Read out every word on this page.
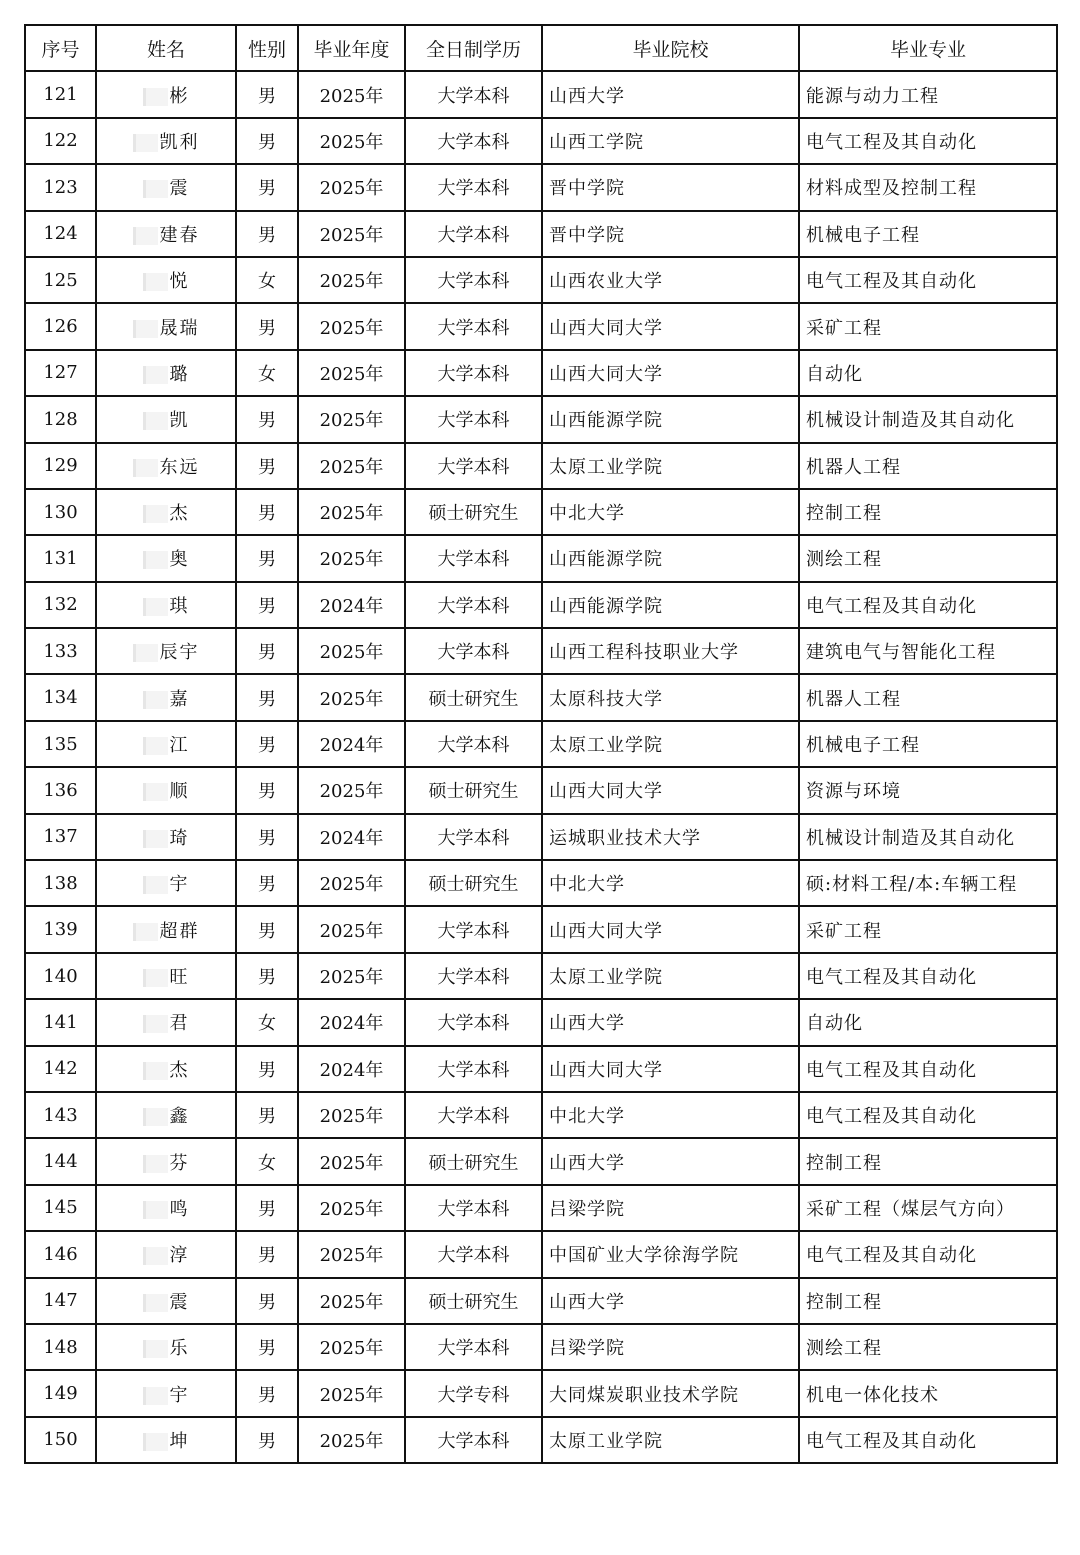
序号	姓名	性别	毕业年度	全日制学历	毕业院校	毕业专业
121	彬	男	2025年	大学本科	山西大学	能源与动力工程
122	凯利	男	2025年	大学本科	山西工学院	电气工程及其自动化
123	震	男	2025年	大学本科	晋中学院	材料成型及控制工程
124	建春	男	2025年	大学本科	晋中学院	机械电子工程
125	悦	女	2025年	大学本科	山西农业大学	电气工程及其自动化
126	晟瑞	男	2025年	大学本科	山西大同大学	采矿工程
127	璐	女	2025年	大学本科	山西大同大学	自动化
128	凯	男	2025年	大学本科	山西能源学院	机械设计制造及其自动化
129	东远	男	2025年	大学本科	太原工业学院	机器人工程
130	杰	男	2025年	硕士研究生	中北大学	控制工程
131	奥	男	2025年	大学本科	山西能源学院	测绘工程
132	琪	男	2024年	大学本科	山西能源学院	电气工程及其自动化
133	辰宇	男	2025年	大学本科	山西工程科技职业大学	建筑电气与智能化工程
134	嘉	男	2025年	硕士研究生	太原科技大学	机器人工程
135	江	男	2024年	大学本科	太原工业学院	机械电子工程
136	顺	男	2025年	硕士研究生	山西大同大学	资源与环境
137	琦	男	2024年	大学本科	运城职业技术大学	机械设计制造及其自动化
138	宇	男	2025年	硕士研究生	中北大学	硕:材料工程/本:车辆工程
139	超群	男	2025年	大学本科	山西大同大学	采矿工程
140	旺	男	2025年	大学本科	太原工业学院	电气工程及其自动化
141	君	女	2024年	大学本科	山西大学	自动化
142	杰	男	2024年	大学本科	山西大同大学	电气工程及其自动化
143	鑫	男	2025年	大学本科	中北大学	电气工程及其自动化
144	芬	女	2025年	硕士研究生	山西大学	控制工程
145	鸣	男	2025年	大学本科	吕梁学院	采矿工程（煤层气方向）
146	淳	男	2025年	大学本科	中国矿业大学徐海学院	电气工程及其自动化
147	震	男	2025年	硕士研究生	山西大学	控制工程
148	乐	男	2025年	大学本科	吕梁学院	测绘工程
149	宇	男	2025年	大学专科	大同煤炭职业技术学院	机电一体化技术
150	坤	男	2025年	大学本科	太原工业学院	电气工程及其自动化
